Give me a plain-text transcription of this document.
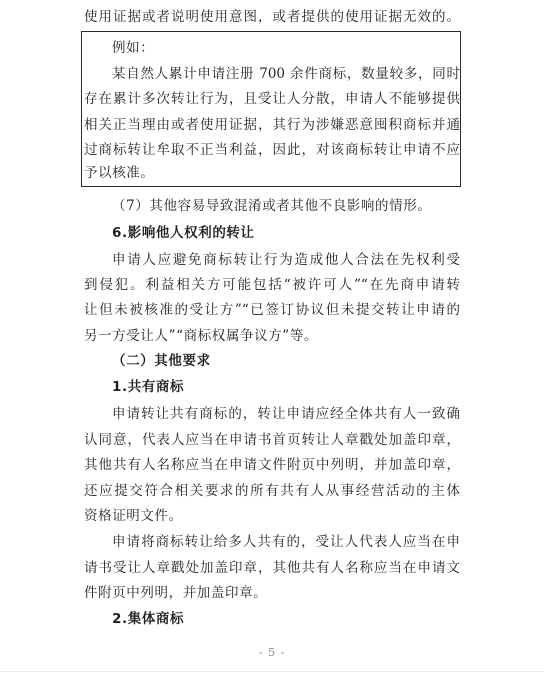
使用证据或者说明使用意图，或者提供的使用证据无效的。
例如：
某自然人累计申请注册 700 余件商标，数量较多，同时
存在累计多次转让行为，且受让人分散，申请人不能够提供
相关正当理由或者使用证据，其行为涉嫌恶意囤积商标并通
过商标转让牟取不正当利益，因此，对该商标转让申请不应
予以核准。
（7）其他容易导致混淆或者其他不良影响的情形。
6.影响他人权利的转让
申请人应避免商标转让行为造成他人合法在先权利受
到侵犯。利益相关方可能包括“被许可人”“在先商申请转
让但未被核准的受让方”“已签订协议但未提交转让申请的
另一方受让人”“商标权属争议方”等。
（二）其他要求
1.共有商标
申请转让共有商标的，转让申请应经全体共有人一致确
认同意，代表人应当在申请书首页转让人章戳处加盖印章，
其他共有人名称应当在申请文件附页中列明，并加盖印章，
还应提交符合相关要求的所有共有人从事经营活动的主体
资格证明文件。
申请将商标转让给多人共有的，受让人代表人应当在申
请书受让人章戳处加盖印章，其他共有人名称应当在申请文
件附页中列明，并加盖印章。
2.集体商标
- 5 -
